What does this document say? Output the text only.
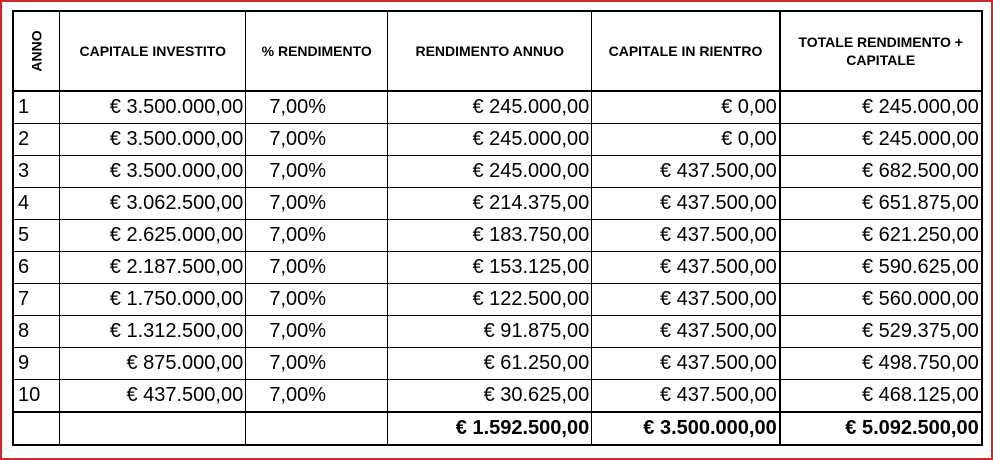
ANNO	CAPITALE INVESTITO	% RENDIMENTO	RENDIMENTO ANNUO	CAPITALE IN RIENTRO	TOTALE RENDIMENTO + CAPITALE
1	€ 3.500.000,00	7,00%	€ 245.000,00	€ 0,00	€ 245.000,00
2	€ 3.500.000,00	7,00%	€ 245.000,00	€ 0,00	€ 245.000,00
3	€ 3.500.000,00	7,00%	€ 245.000,00	€ 437.500,00	€ 682.500,00
4	€ 3.062.500,00	7,00%	€ 214.375,00	€ 437.500,00	€ 651.875,00
5	€ 2.625.000,00	7,00%	€ 183.750,00	€ 437.500,00	€ 621.250,00
6	€ 2.187.500,00	7,00%	€ 153.125,00	€ 437.500,00	€ 590.625,00
7	€ 1.750.000,00	7,00%	€ 122.500,00	€ 437.500,00	€ 560.000,00
8	€ 1.312.500,00	7,00%	€ 91.875,00	€ 437.500,00	€ 529.375,00
9	€ 875.000,00	7,00%	€ 61.250,00	€ 437.500,00	€ 498.750,00
10	€ 437.500,00	7,00%	€ 30.625,00	€ 437.500,00	€ 468.125,00
			€ 1.592.500,00	€ 3.500.000,00	€ 5.092.500,00
